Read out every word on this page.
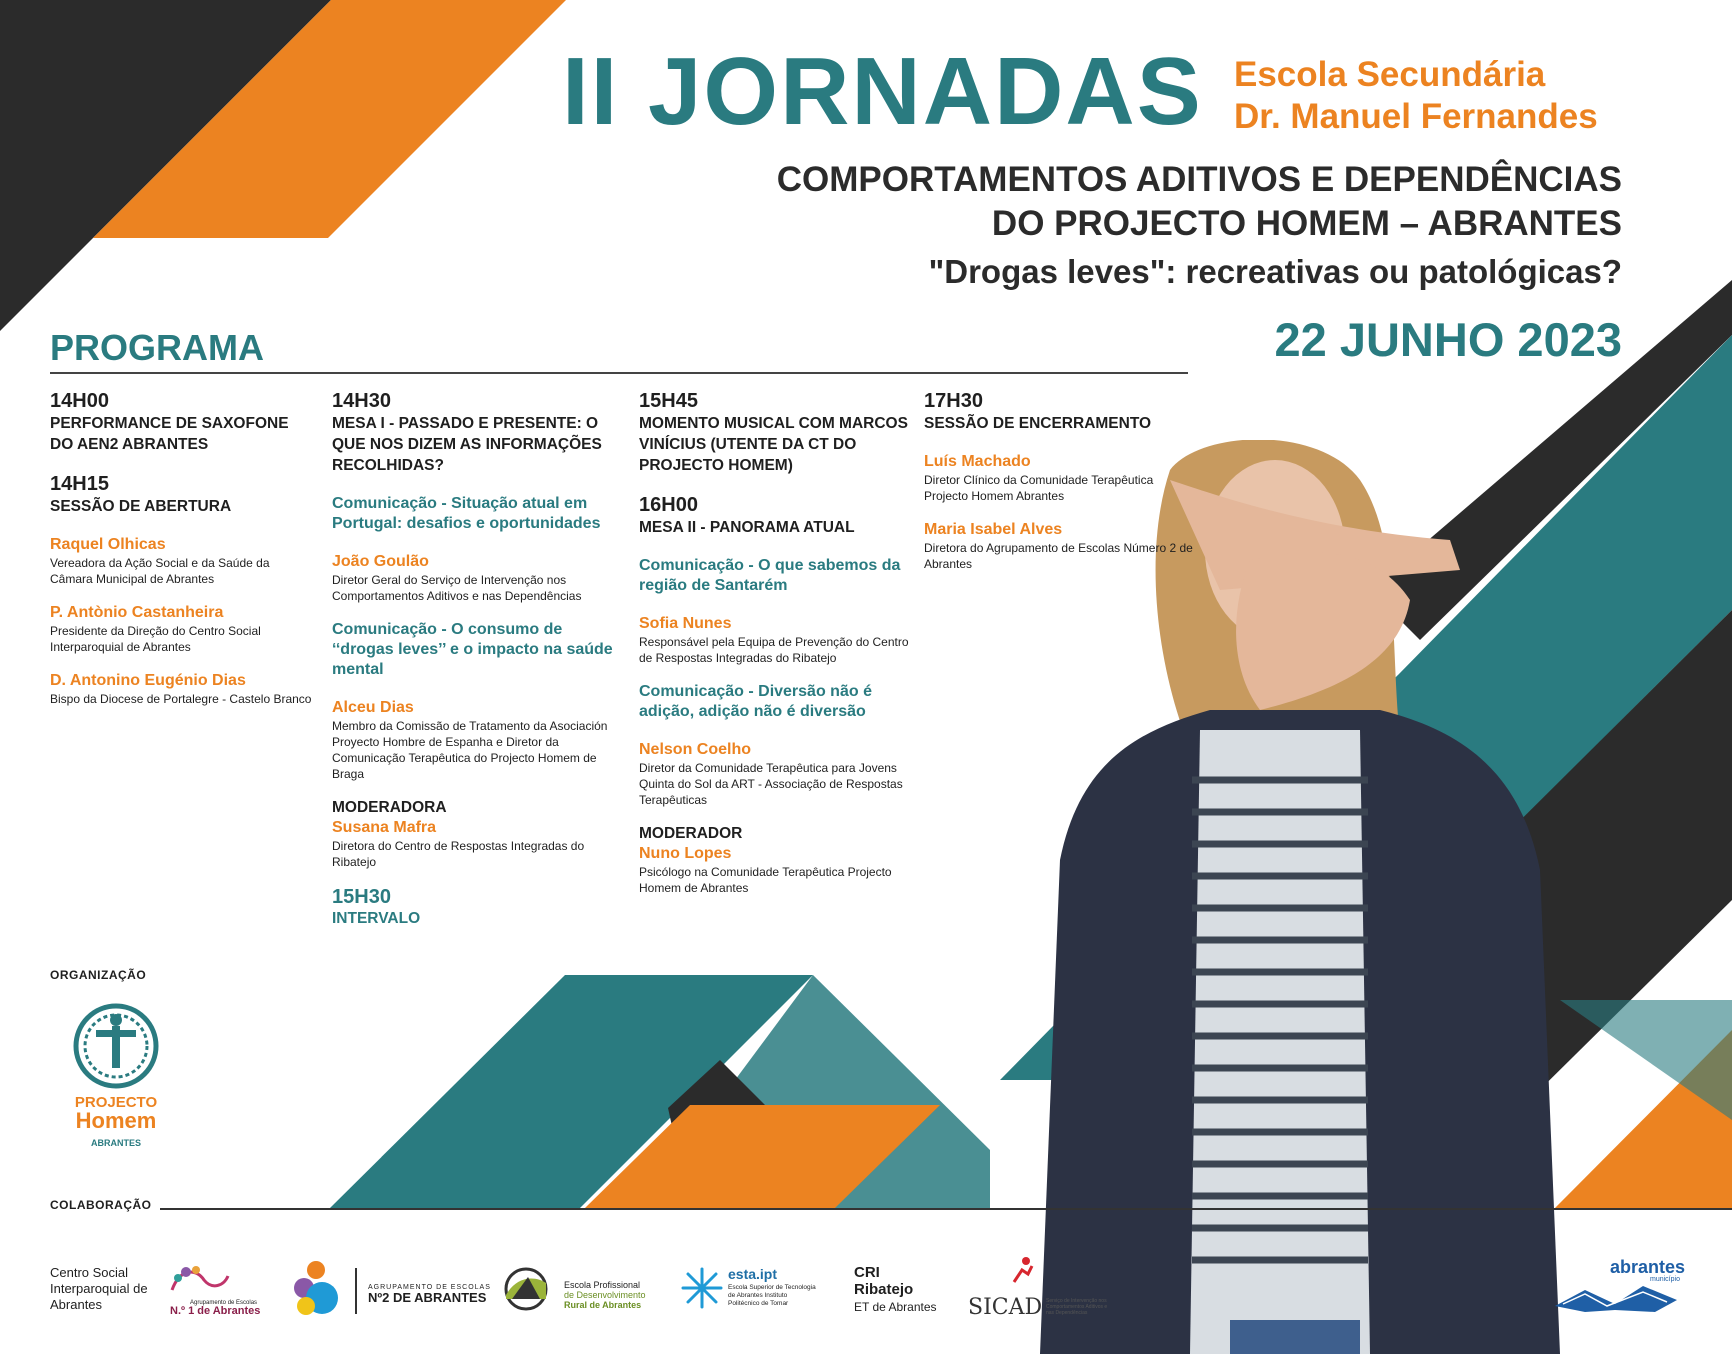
II JORNADAS Escola Secundária
Dr. Manuel Fernandes
COMPORTAMENTOS ADITIVOS E DEPENDÊNCIAS
DO PROJECTO HOMEM – ABRANTES
"Drogas leves": recreativas ou patológicas?
22 JUNHO 2023
PROGRAMA
14H00
PERFORMANCE DE SAXOFONE DO AEN2 ABRANTES
14H15
SESSÃO DE ABERTURA
Raquel Olhicas
Vereadora da Ação Social e da Saúde da Câmara Municipal de Abrantes
P. Antònio Castanheira
Presidente da Direção do Centro Social Interparoquial de Abrantes
D. Antonino Eugénio Dias
Bispo da Diocese de Portalegre - Castelo Branco
14H30
MESA I - PASSADO E PRESENTE: O QUE NOS DIZEM AS INFORMAÇÕES RECOLHIDAS?
Comunicação - Situação atual em Portugal: desafios e oportunidades
João Goulão
Diretor Geral do Serviço de Intervenção nos Comportamentos Aditivos e nas Dependências
Comunicação - O consumo de ‘‘drogas leves’’ e o impacto na saúde mental
Alceu Dias
Membro da Comissão de Tratamento da Asociación Proyecto Hombre de Espanha e Diretor da Comunicação Terapêutica do Projecto Homem de Braga
MODERADORA
Susana Mafra
Diretora do Centro de Respostas Integradas do Ribatejo
15H30
INTERVALO
15H45
MOMENTO MUSICAL COM MARCOS VINÍCIUS (UTENTE DA CT DO PROJECTO HOMEM)
16H00
MESA II - PANORAMA ATUAL
Comunicação - O que sabemos da região de Santarém
Sofia Nunes
Responsável pela Equipa de Prevenção do Centro de Respostas Integradas do Ribatejo
Comunicação - Diversão não é adição, adição não é diversão
Nelson Coelho
Diretor da Comunidade Terapêutica para Jovens Quinta do Sol da ART - Associação de Respostas Terapêuticas
MODERADOR
Nuno Lopes
Psicólogo na Comunidade Terapêutica Projecto Homem de Abrantes
17H30
SESSÃO DE ENCERRAMENTO
Luís Machado
Diretor Clínico da Comunidade Terapêutica Projecto Homem Abrantes
Maria Isabel Alves
Diretora do Agrupamento de Escolas Número 2 de Abrantes
ORGANIZAÇÃO
PROJECTO
Homem
ABRANTES
COLABORAÇÃO
Centro Social Interparoquial de Abrantes	Agrupamento de Escolas
N.º 1 de Abrantes
AGRUPAMENTO DE ESCOLAS
Nº2 DE ABRANTES
Escola Profissional
de Desenvolvimento
Rural de Abrantes
esta.ipt
Escola Superior de Tecnologia de Abrantes Instituto Politécnico de Tomar
CRI
Ribatejo
ET de Abrantes SICAD Serviço de Intervenção nos Comportamentos Aditivos e nas Dependências
abrantes
município
